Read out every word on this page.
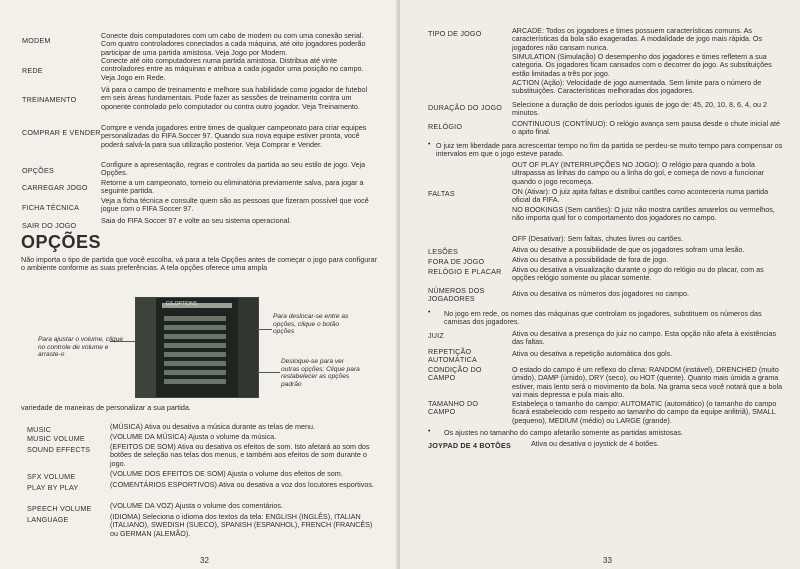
MODEM
Conecte dois computadores com um cabo de modem ou com uma conexão serial. Com quatro controladores conectados a cada máquina, até oito jogadores poderão participar de uma partida amistosa. Veja Jogo por Modem.
REDE
Conecte até oito computadores numa partida amistosa. Distribua até vinte controladores entre as máquinas e atribua a cada jogador uma posição no campo. Veja Jogo em Rede.
TREINAMENTO
Vá para o campo de treinamento e melhore sua habilidade como jogador de futebol em seis áreas fundamentais. Pode fazer as sessões de treinamento contra um oponente controlado pelo computador ou contra outro jogador. Veja Treinamento.
COMPRAR E VENDER
Compre e venda jogadores entre times de qualquer campeonato para criar equipes personalizadas do FIFA Soccer 97. Quando sua nova equipe estiver pronta, você poderá salvá-la para sua utilização posterior. Veja Comprar e Vender.
OPÇÕES
Configure a apresentação, regras e controles da partida ao seu estilo de jogo. Veja Opções.
CARREGAR JOGO
Retorne a um campeonato, torneio ou eliminatória previamente salva, para jogar a seguinte partida.
FICHA TÉCNICA
Veja a ficha técnica e consulte quem são as pessoas que fizeram possível que você jogue com o FIFA Soccer 97.
SAIR DO JOGO
Saia do FIFA Soccer 97 e volte ao seu sistema operacional.
OPÇÕES
Não importa o tipo de partida que você escolha, vá para a tela Opções antes de começar o jogo para configurar o ambiente conforme as suas preferências. A tela opções oferece uma ampla
GS.OPTIONS
Para ajustar o volume, clique no controle de volume e arraste-o
Para deslocar-se entre as opções, clique o botão opções
Desloque-se para ver outras opções; Clique para restabelecer as opções padrão
variedade de maneiras de personalizar a sua partida.
MUSIC	(MÚSICA) Ativa ou desativa a música durante as telas de menu.
MUSIC VOLUME	(VOLUME DA MÚSICA) Ajusta o volume da música.
SOUND EFFECTS	(EFEITOS DE SOM) Ativa ou desativa os efeitos de som. Isto afetará ao som dos botões de seleção nas telas dos menus, e também aos efeitos de som durante o jogo.
SFX VOLUME	(VOLUME DOS EFEITOS DE SOM) Ajusta o volume dos efeitos de som.
PLAY BY PLAY	(COMENTÁRIOS ESPORTIVOS) Ativa ou desativa a voz dos locutores esportivos.
SPEECH VOLUME	(VOLUME DA VOZ) Ajusta o volume dos comentários.
LANGUAGE	(IDIOMA) Seleciona o idioma dos textos da tela: ENGLISH (INGLÊS), ITALIAN (ITALIANO), SWEDISH (SUECO), SPANISH (ESPANHOL), FRENCH (FRANCÊS) ou GERMAN (ALEMÃO).
32
TIPO DE JOGO	ARCADE: Todos os jogadores e times possuem características comuns. As características da bola são exageradas. A modalidade de jogo mais rápida. Os jogadores não cansam nunca.
SIMULATION (Simulação) O desempenho dos jogadores e times refletem a sua categoria. Os jogadores ficam cansados com o decorrer do jogo. As substituições estão limitadas a três por jogo.
ACTION (Ação): Velocidade de jogo aumentada. Sem limite para o número de substituições. Características melhoradas dos jogadores.
DURAÇÃO DO JOGO Selecione a duração de dois períodos iguais de jogo de: 45, 20, 10, 8, 6, 4, ou 2 minutos.
RELÓGIO	CONTINUOUS (CONTÍNUO): O relógio avança sem pausa desde o chute inicial até o apito final.
• O juiz tem liberdade para acrescentar tempo no fim da partida se perdeu-se muito tempo para compensar os intervalos em que o jogo esteve parado.
OUT OF PLAY (INTERRUPÇÕES NO JOGO): O relógio para quando a bola ultrapassa as linhas do campo ou a linha do gol, e começa de novo a funcionar quando o jogo recomeça.
FALTAS	ON (Ativar): O juiz apita faltas e distribui cartões como aconteceria numa partida oficial da FIFA.
NO BOOKINGS (Sem cartões): O juiz não mostra cartões amarelos ou vermelhos, não importa qual for o comportamento dos jogadores no campo.
OFF (Desativar): Sem faltas, chutes livres ou cartões.
LESÕES	Ativa ou desative a possibilidade de que os jogadores sofram uma lesão.
FORA DE JOGO	Ativa ou desativa a possibilidade de fora de jogo.
RELÓGIO E PLACAR Ativa ou desativa a visualização durante o jogo do relógio ou do placar, com as opções relógio somente ou placar somente.
NÚMEROS DOS JOGADORES
Ativa ou desativa os números dos jogadores no campo.
• No jogo em rede, os nomes das máquinas que controlam os jogadores, substituem os números das camisas dos jogadores.
JUIZ	Ativa ou desativa a presença do juiz no campo. Esta opção não afeta à existências das faltas.
REPETIÇÃO AUTOMÁTICA
Ativa ou desativa a repetição automática dos gols.
CONDIÇÃO DO CAMPO
O estado do campo é um reflexo do clima: RANDOM (instável), DRENCHED (muito úmido), DAMP (úmido), DRY (seco), ou HOT (quente). Quanto mais úmida a grama estiver, mais lento será o movimento da bola. Na grama seca você notará que a bola vai mais depressa e pula mais alto.
TAMANHO DO CAMPO
Estabeleça o tamanho do campo: AUTOMATIC (automático) (o tamanho do campo ficará estabelecido com respeito ao tamanho do campo da equipe anfitriã), SMALL (pequeno), MEDIUM (médio) ou LARGE (grande).
• Os ajustes no tamanho do campo afetarão somente as partidas amistosas.
JOYPAD DE 4 BOTÕES	Ativa ou desativa o joystick de 4 botões.
33
